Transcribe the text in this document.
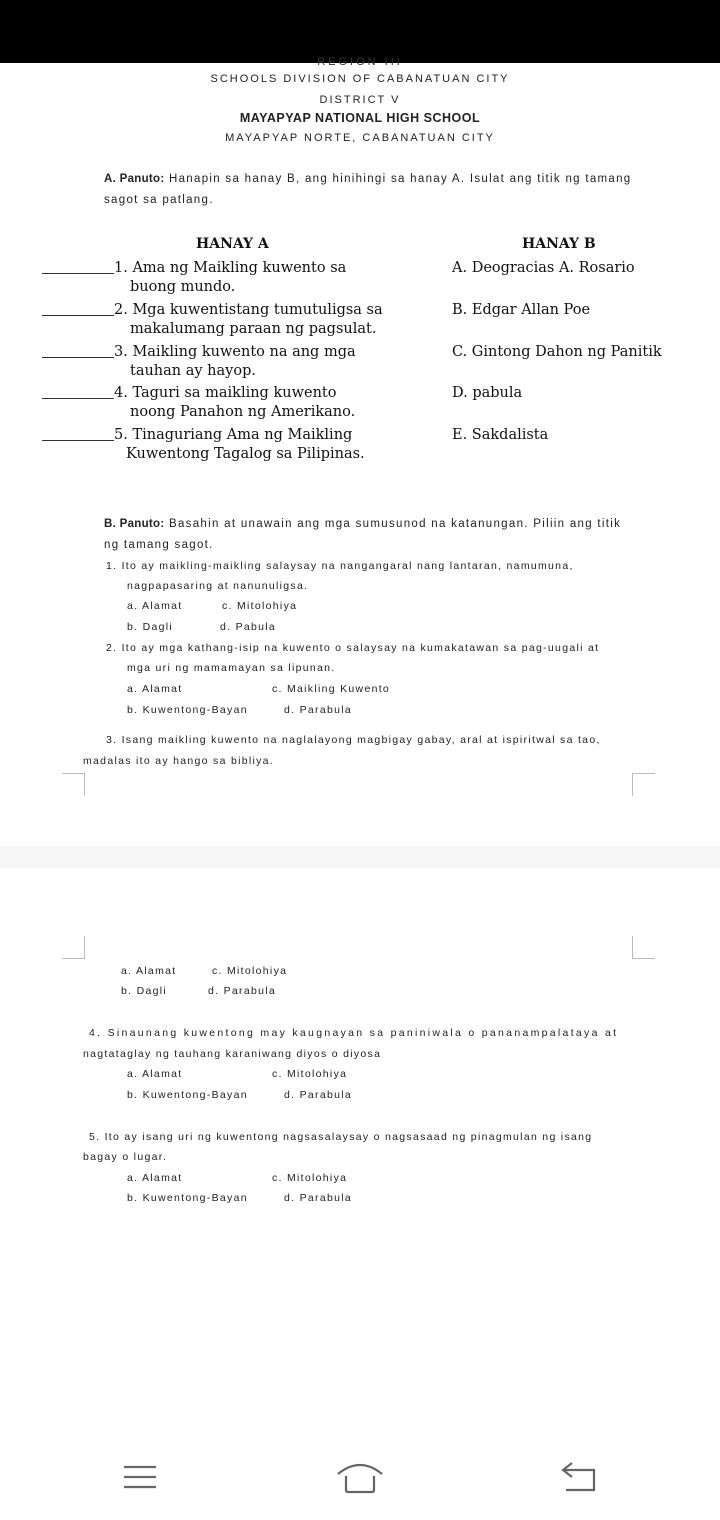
REGION III
SCHOOLS DIVISION OF CABANATUAN CITY
DISTRICT V
MAYAPYAP NATIONAL HIGH SCHOOL
MAYAPYAP NORTE, CABANATUAN CITY
A. Panuto: Hanapin sa hanay B, ang hinihingi sa hanay A. Isulat ang titik ng tamang sagot sa patlang.
HANAY A	HANAY B
1. Ama ng Maikling kuwento sa
buong mundo.
A. Deogracias A. Rosario
2. Mga kuwentistang tumutuligsa sa
makalumang paraan ng pagsulat.
B. Edgar Allan Poe
3. Maikling kuwento na ang mga
tauhan ay hayop.
C. Gintong Dahon ng Panitik
4. Taguri sa maikling kuwento
noong Panahon ng Amerikano.
D. pabula
5. Tinaguriang Ama ng Maikling
Kuwentong Tagalog sa Pilipinas.
E. Sakdalista
B. Panuto: Basahin at unawain ang mga sumusunod na katanungan. Piliin ang titik ng tamang sagot.
1. Ito ay maikling-maikling salaysay na nangangaral nang lantaran, namumuna,
nagpapasaring at nanunuligsa.
a. Alamat	c. Mitolohiya
b. Dagli	d. Pabula
2. Ito ay mga kathang-isip na kuwento o salaysay na kumakatawan sa pag-uugali at
mga uri ng mamamayan sa lipunan.
a. Alamat	c. Maikling Kuwento
b. Kuwentong-Bayan	d. Parabula
3. Isang maikling kuwento na naglalayong magbigay gabay, aral at ispiritwal sa tao,
madalas ito ay hango sa bibliya.
a. Alamat	c. Mitolohiya
b. Dagli	d. Parabula
4. Sinaunang kuwentong may kaugnayan sa paniniwala o pananampalataya at
nagtataglay ng tauhang karaniwang diyos o diyosa
a. Alamat	c. Mitolohiya
b. Kuwentong-Bayan	d. Parabula
5. Ito ay isang uri ng kuwentong nagsasalaysay o nagsasaad ng pinagmulan ng isang
bagay o lugar.
a. Alamat	c. Mitolohiya
b. Kuwentong-Bayan	d. Parabula
